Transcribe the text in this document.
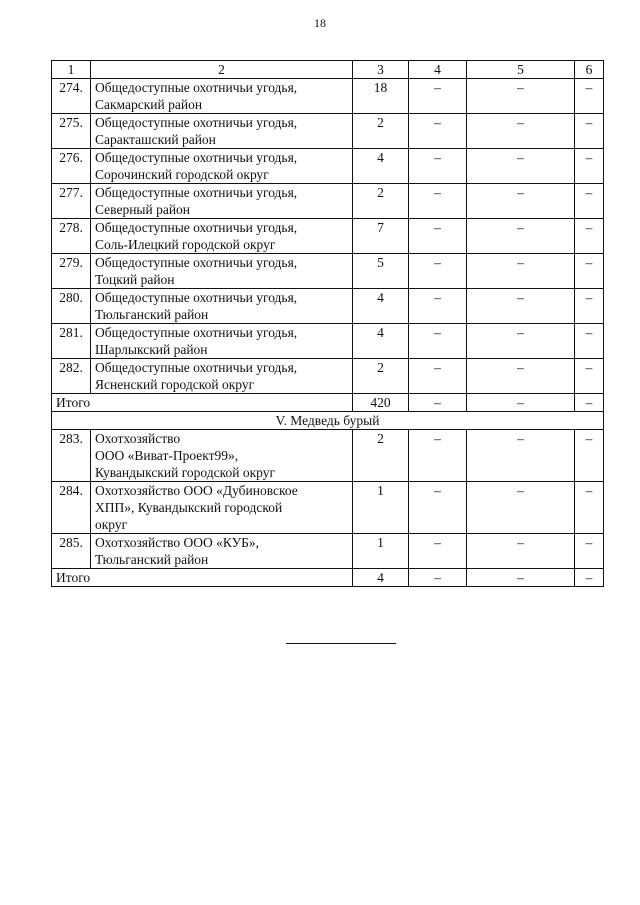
18
1	2	3	4	5	6
274.	Общедоступные охотничьи угодья,
Сакмарский район	18	–	–	–
275.	Общедоступные охотничьи угодья,
Саракташский район	2	–	–	–
276.	Общедоступные охотничьи угодья,
Сорочинский городской округ	4	–	–	–
277.	Общедоступные охотничьи угодья,
Северный район	2	–	–	–
278.	Общедоступные охотничьи угодья,
Соль-Илецкий городской округ	7	–	–	–
279.	Общедоступные охотничьи угодья,
Тоцкий район	5	–	–	–
280.	Общедоступные охотничьи угодья,
Тюльганский район	4	–	–	–
281.	Общедоступные охотничьи угодья,
Шарлыкский район	4	–	–	–
282.	Общедоступные охотничьи угодья,
Ясненский городской округ	2	–	–	–
Итого		420	–	–	–
V. Медведь бурый					
283.	Охотхозяйство
ООО «Виват-Проект99»,
Кувандыкский городской округ	2	–	–	–
284.	Охотхозяйство ООО «Дубиновское
ХПП», Кувандыкский городской
округ	1	–	–	–
285.	Охотхозяйство ООО «КУБ»,
Тюльганский район	1	–	–	–
Итого		4	–	–	–
